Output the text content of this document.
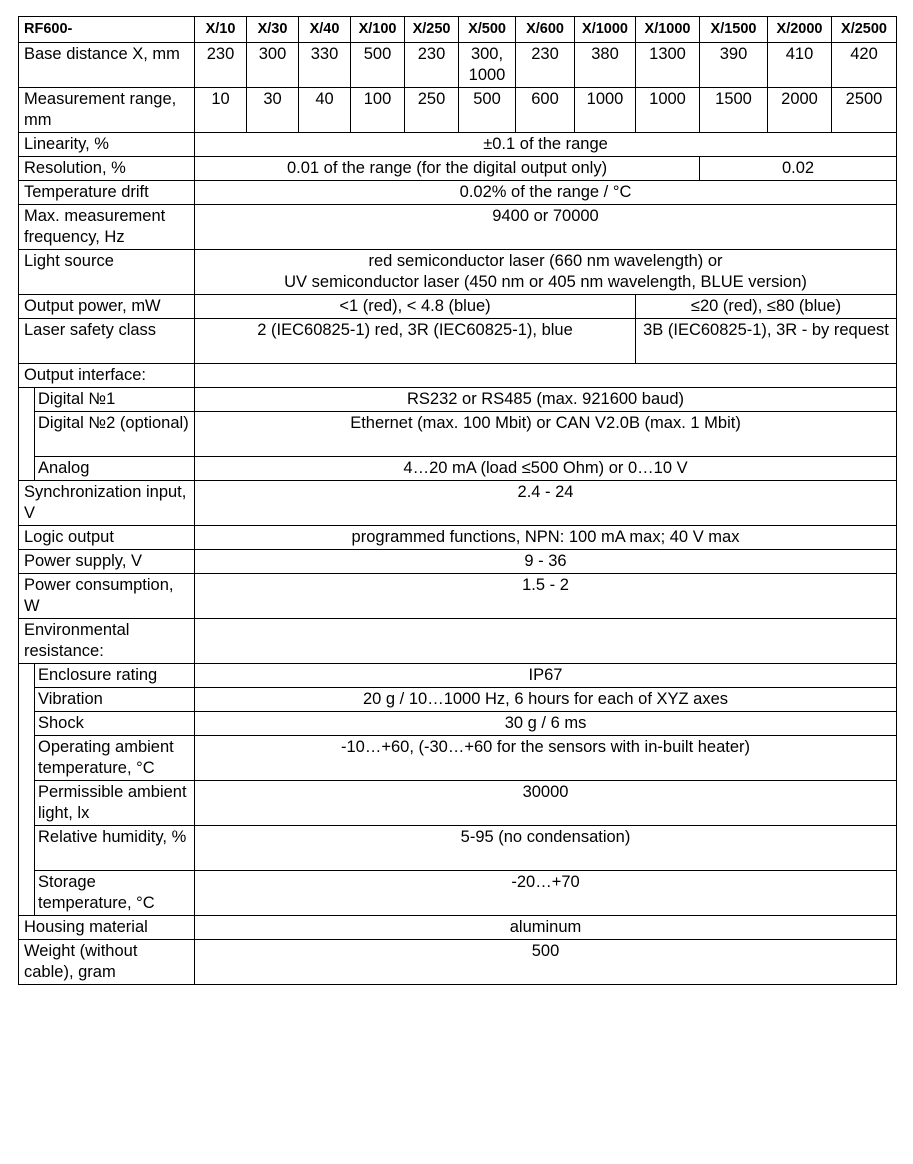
RF600-		X/10	X/30	X/40	X/100	X/250	X/500	X/600	X/1000	X/1000	X/1500	X/2000	X/2500
Base distance X, mm		230	300	330	500	230	300, 1000	230	380	1300	390	410	420
Measurement range, mm		10	30	40	100	250	500	600	1000	1000	1500	2000	2500
Linearity, %		±0.1 of the range											
Resolution, %		0.01 of the range (for the digital output only)									0.02		
Temperature drift		0.02% of the range / °C											
Max. measurement frequency, Hz		9400 or 70000											
Light source		red semiconductor laser (660 nm wavelength) or
UV semiconductor laser (450 nm or 405 nm wavelength, BLUE version)											

Output power, mW		<1 (red), < 4.8 (blue)								≤20 (red), ≤80 (blue)			
Laser safety class		2 (IEC60825-1) red, 3R (IEC60825-1), blue								3B (IEC60825-1), 3R - by request			
Output interface:													
	Digital №1	RS232 or RS485 (max. 921600 baud)											
	Digital №2 (optional)	Ethernet (max. 100 Mbit) or CAN V2.0B (max. 1 Mbit)											
	Analog	4…20 mA (load ≤500 Ohm) or 0…10 V											
Synchronization input, V		2.4 - 24											
Logic output		programmed functions, NPN: 100 mA max; 40 V max											
Power supply, V		9 - 36											
Power consumption, W		1.5 - 2											
Environmental resistance:													
	Enclosure rating	IP67											
	Vibration	20 g / 10…1000 Hz, 6 hours for each of XYZ axes											
	Shock	30 g / 6 ms											
	Operating ambient temperature, °C	-10…+60, (-30…+60 for the sensors with in-built heater)											
	Permissible ambient light, lx	30000											
	Relative humidity, %	5-95 (no condensation)											
	Storage temperature, °C	-20…+70											
Housing material		aluminum											
Weight (without cable), gram		500											
